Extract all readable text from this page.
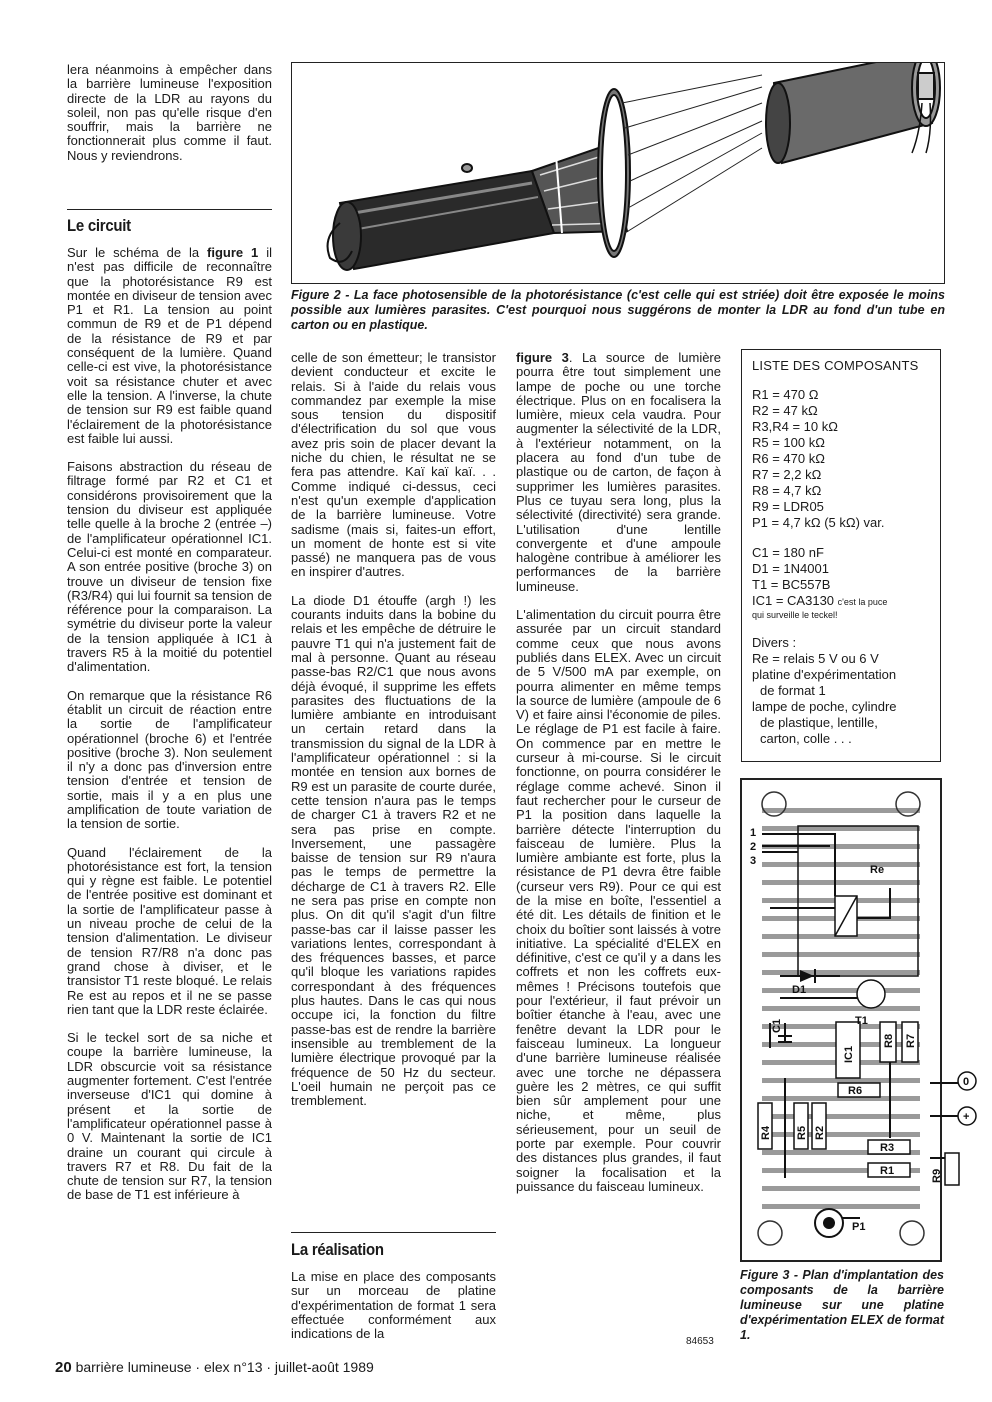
lera néanmoins à empêcher dans la barrière lumineuse l'exposition directe de la LDR au rayons du soleil, non pas qu'elle risque d'en souffrir, mais la barrière ne fonctionnerait plus comme il faut. Nous y reviendrons.

Le circuit

Sur le schéma de la figure 1 il n'est pas difficile de reconnaître que la photorésistance R9 est montée en diviseur de tension avec P1 et R1. La tension au point commun de R9 et de P1 dépend de la résistance de R9 et par conséquent de la lumière. Quand celle-ci est vive, la photorésistance voit sa résistance chuter et avec elle la tension. A l'inverse, la chute de tension sur R9 est faible quand l'éclairement de la photorésistance est faible lui aussi.

Faisons abstraction du réseau de filtrage formé par R2 et C1 et considérons provisoirement que la tension du diviseur est appliquée telle quelle à la broche 2 (entrée –) de l'amplificateur opérationnel IC1. Celui-ci est monté en comparateur. A son entrée positive (broche 3) on trouve un diviseur de tension fixe (R3/R4) qui lui fournit sa tension de référence pour la comparaison. La symétrie du diviseur porte la valeur de la tension appliquée à IC1 à travers R5 à la moitié du potentiel d'alimentation.

On remarque que la résistance R6 établit un circuit de réaction entre la sortie de l'amplificateur opérationnel (broche 6) et l'entrée positive (broche 3). Non seulement il n'y a donc pas d'inversion entre tension d'entrée et tension de sortie, mais il y a en plus une amplification de toute variation de la tension de sortie.

Quand l'éclairement de la photorésistance est fort, la tension qui y règne est faible. Le potentiel de l'entrée positive est dominant et la sortie de l'amplificateur passe à un niveau proche de celui de la tension d'alimentation. Le diviseur de tension R7/R8 n'a donc pas grand chose à diviser, et le transistor T1 reste bloqué. Le relais Re est au repos et il ne se passe rien tant que la LDR reste éclairée.

Si le teckel sort de sa niche et coupe la barrière lumineuse, la LDR obscurcie voit sa résistance augmenter fortement. C'est l'entrée inverseuse d'IC1 qui domine à présent et la sortie de l'amplificateur opérationnel passe à 0 V. Maintenant la sortie de IC1 draine un courant qui circule à travers R7 et R8. Du fait de la chute de tension sur R7, la tension de base de T1 est inférieure à

Figure 2 - La face photosensible de la photorésistance (c'est celle qui est striée) doit être exposée le moins possible aux lumières parasites. C'est pourquoi nous suggérons de monter la LDR au fond d'un tube en carton ou en plastique.

celle de son émetteur; le transistor devient conducteur et excite le relais. Si à l'aide du relais vous commandez par exemple la mise sous tension du dispositif d'électrification du sol que vous avez pris soin de placer devant la niche du chien, le résultat ne se fera pas attendre. Kaï kaï kaï. . . Comme indiqué ci-dessus, ceci n'est qu'un exemple d'application de la barrière lumineuse. Votre sadisme (mais si, faites-un effort, un moment de honte est si vite passé) ne manquera pas de vous en inspirer d'autres.

La diode D1 étouffe (argh !) les courants induits dans la bobine du relais et les empêche de détruire le pauvre T1 qui n'a justement fait de mal à personne. Quant au réseau passe-bas R2/C1 que nous avons déjà évoqué, il supprime les effets parasites des fluctuations de la lumière ambiante en introduisant un certain retard dans la transmission du signal de la LDR à l'amplificateur opérationnel : si la montée en tension aux bornes de R9 est un parasite de courte durée, cette tension n'aura pas le temps de charger C1 à travers R2 et ne sera pas prise en compte. Inversement, une passagère baisse de tension sur R9 n'aura pas le temps de permettre la décharge de C1 à travers R2. Elle ne sera pas prise en compte non plus. On dit qu'il s'agit d'un filtre passe-bas car il laisse passer les variations lentes, correspondant à des fréquences basses, et parce qu'il bloque les variations rapides correspondant à des fréquences plus hautes. Dans le cas qui nous occupe ici, la fonction du filtre passe-bas est de rendre la barrière insensible au tremblement de la lumière électrique provoqué par la fréquence de 50 Hz du secteur. L'oeil humain ne perçoit pas ce tremblement.

La réalisation

La mise en place des composants sur un morceau de platine d'expérimentation de format 1 sera effectuée conformément aux indications de la

figure 3. La source de lumière pourra être tout simplement une lampe de poche ou une torche électrique. Plus on en focalisera la lumière, mieux cela vaudra. Pour augmenter la sélectivité de la LDR, à l'extérieur notamment, on la placera au fond d'un tube de plastique ou de carton, de façon à supprimer les lumières parasites. Plus ce tuyau sera long, plus la sélectivité (directivité) sera grande. L'utilisation d'une lentille convergente et d'une ampoule halogène contribue à améliorer les performances de la barrière lumineuse.

L'alimentation du circuit pourra être assurée par un circuit standard comme ceux que nous avons publiés dans ELEX. Avec un circuit de 5 V/500 mA par exemple, on pourra alimenter en même temps la source de lumière (ampoule de 6 V) et faire ainsi l'économie de piles. Le réglage de P1 est facile à faire. On commence par en mettre le curseur à mi-course. Si le circuit fonctionne, on pourra considérer le réglage comme achevé. Sinon il faut rechercher pour le curseur de P1 la position dans laquelle la barrière détecte l'interruption du faisceau de lumière. Plus la lumière ambiante est forte, plus la résistance de P1 devra être faible (curseur vers R9). Pour ce qui est de la mise en boîte, l'essentiel a été dit. Les détails de finition et le choix du boîtier sont laissés à votre initiative. La spécialité d'ELEX en définitive, c'est ce qu'il y a dans les coffrets et non les coffrets eux-mêmes ! Précisons toutefois que pour l'extérieur, il faut prévoir un boîtier étanche à l'eau, avec une fenêtre devant la LDR pour le faisceau lumineux. La longueur d'une barrière lumineuse réalisée avec une torche ne dépassera guère les 2 mètres, ce qui suffit bien sûr amplement pour une niche, et même, plus sérieusement, pour un seuil de porte par exemple. Pour couvrir des distances plus grandes, il faut soigner la focalisation et la puissance du faisceau lumineux.

84653
LISTE DES COMPOSANTS
R1 = 470 Ω
R2 = 47 kΩ
R3,R4 = 10 kΩ
R5 = 100 kΩ
R6 = 470 kΩ
R7 = 2,2 kΩ
R8 = 4,7 kΩ
R9 = LDR05
P1 = 4,7 kΩ (5 kΩ) var.
C1 = 180 nF
D1 = 1N4001
T1 = BC557B
IC1 = CA3130 c'est la puce
qui surveille le teckel!
Divers :
Re = relais 5 V ou 6 V
platine d'expérimentation
de format 1
lampe de poche, cylindre
de plastique, lentille,
carton, colle . . .
1
2
3
Re
D1
T1
R8 R7
C1
IC1
R6
R4 R5 R2
R3
R1	R9
P1
0
+
Figure 3 - Plan d'implantation des composants de la barrière lumineuse sur une platine d'expérimentation ELEX de format 1.
20 barrière lumineuse · elex n°13 · juillet-août 1989
